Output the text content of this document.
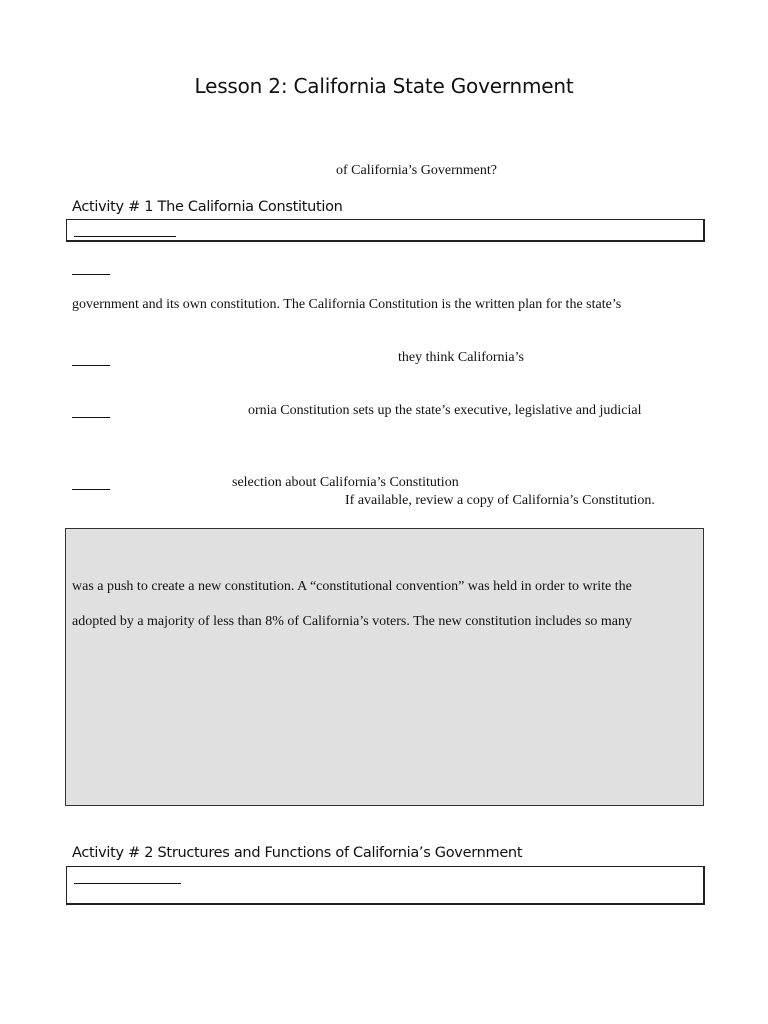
Lesson 2: California State Government
of California’s Government?
Activity # 1 The California Constitution
government and its own constitution. The California Constitution is the written plan for the state’s
they think California’s
ornia Constitution sets up the state’s executive, legislative and judicial
selection about California’s Constitution
If available, review a copy of California’s Constitution.
was a push to create a new constitution. A “constitutional convention” was held in order to write the
adopted by a majority of less than 8% of California’s voters. The new constitution includes so many
Activity # 2 Structures and Functions of California’s Government
